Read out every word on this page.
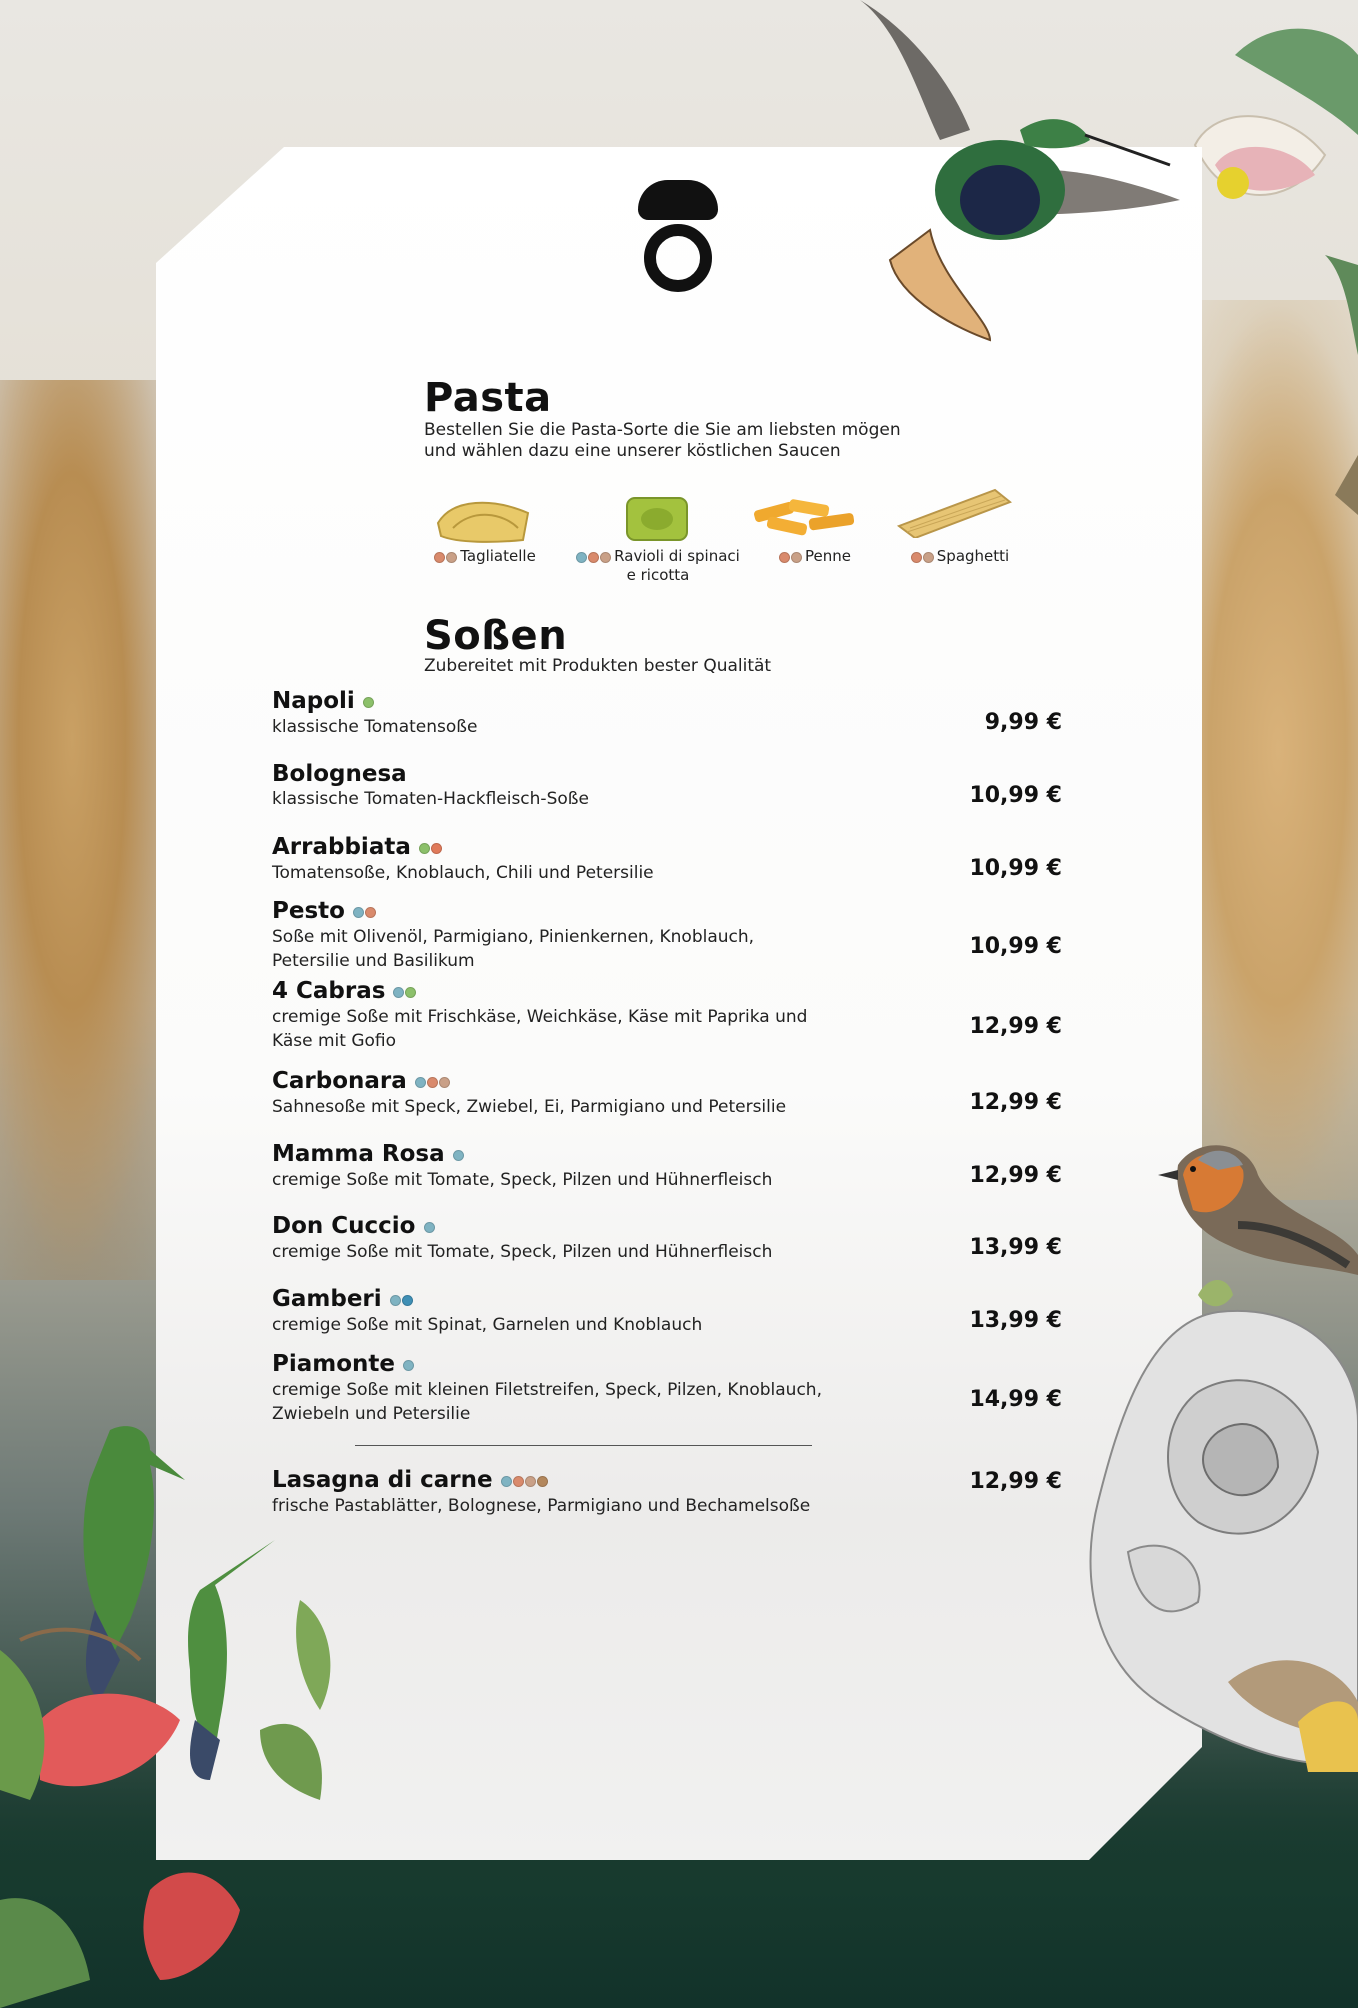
Pasta
Bestellen Sie die Pasta-Sorte die Sie am liebsten mögen
und wählen dazu eine unserer köstlichen Saucen
Tagliatelle	Ravioli di spinaci
e ricotta
Penne	Spaghetti
Soßen
Zubereitet mit Produkten bester Qualität
Napoli
klassische Tomatensoße	9,99 €
Bolognesa
klassische Tomaten-Hackfleisch-Soße	10,99 €
Arrabbiata
Tomatensoße, Knoblauch, Chili und Petersilie	10,99 €
Pesto
Soße mit Olivenöl, Parmigiano, Pinienkernen, Knoblauch, Petersilie und Basilikum
10,99 €
4 Cabras
cremige Soße mit Frischkäse, Weichkäse, Käse mit Paprika und Käse mit Gofio
12,99 €
Carbonara
Sahnesoße mit Speck, Zwiebel, Ei, Parmigiano und Petersilie	12,99 €
Mamma Rosa
cremige Soße mit Tomate, Speck, Pilzen und Hühnerfleisch	12,99 €
Don Cuccio
cremige Soße mit Tomate, Speck, Pilzen und Hühnerfleisch	13,99 €
Gamberi
cremige Soße mit Spinat, Garnelen und Knoblauch	13,99 €
Piamonte
cremige Soße mit kleinen Filetstreifen, Speck, Pilzen, Knoblauch, Zwiebeln und Petersilie
14,99 €
Lasagna di carne
frische Pastablätter, Bolognese, Parmigiano und Bechamelsoße
12,99 €
